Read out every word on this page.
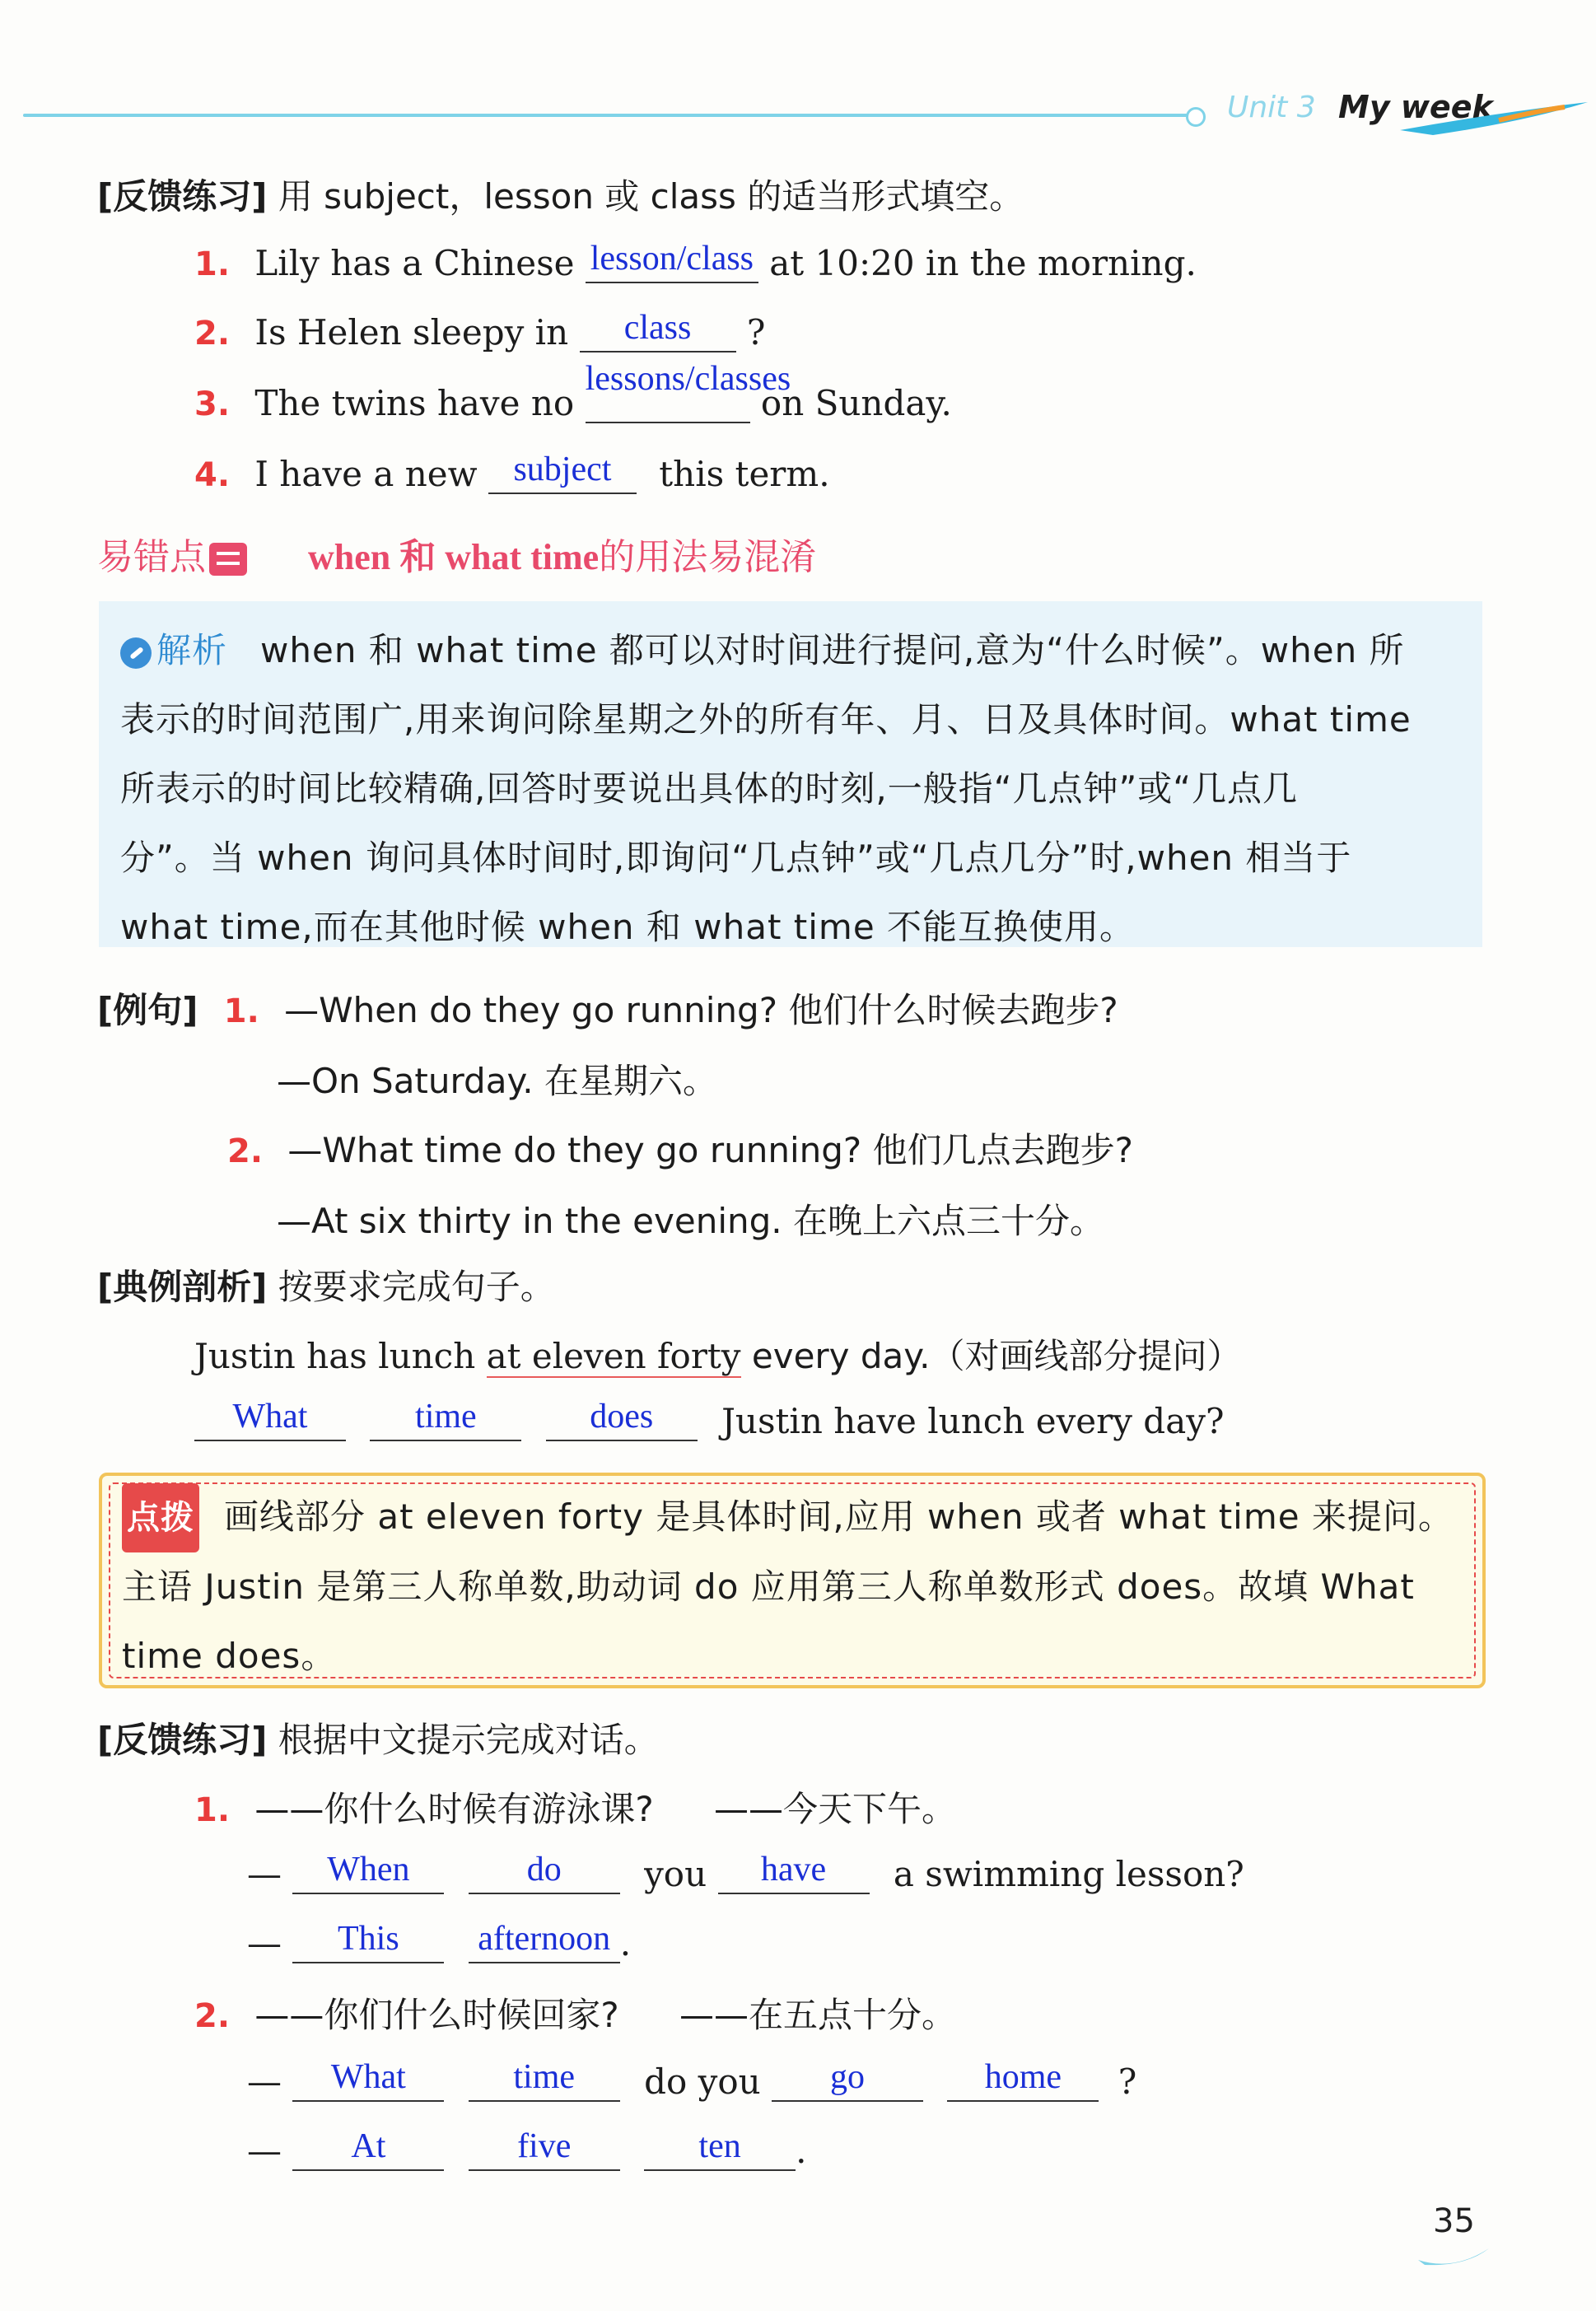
Unit 3 My week
[反馈练习] 用 subject，lesson 或 class 的适当形式填空。
1. Lily has a Chinese lesson/class at 10:20 in the morning.
2. Is Helen sleepy in	class	?
3. The twins have no
lessons/classes
on Sunday.
4. I have a new	subject	this term.
易错点	when 和 what time的用法易混淆
解析 when 和 what time 都可以对时间进行提问,意为“什么时候”。when 所
表示的时间范围广,用来询问除星期之外的所有年、月、日及具体时间。what time
所表示的时间比较精确,回答时要说出具体的时刻,一般指“几点钟”或“几点几
分”。当 when 询问具体时间时,即询问“几点钟”或“几点几分”时,when 相当于
what time,而在其他时候 when 和 what time 不能互换使用。
[例句] 1. —When do they go running? 他们什么时候去跑步?
—On Saturday. 在星期六。
2. —What time do they go running? 他们几点去跑步?
—At six thirty in the evening. 在晚上六点三十分。
[典例剖析] 按要求完成句子。
Justin has lunch at eleven forty every day.（对画线部分提问）
What
	time
	does	Justin have lunch every day?
点拨 画线部分 at eleven forty 是具体时间,应用 when 或者 what time 来提问。
主语 Justin 是第三人称单数,助动词 do 应用第三人称单数形式 does。故填 What
time does。
[反馈练习] 根据中文提示完成对话。
1. ——你什么时候有游泳课? ——今天下午。
—	When
	do	you	have	a swimming lesson?
—	This
	afternoon .
2. ——你们什么时候回家? ——在五点十分。
—	What
	time	do you	go
	home	?
—	At
	five
	ten	.
35
